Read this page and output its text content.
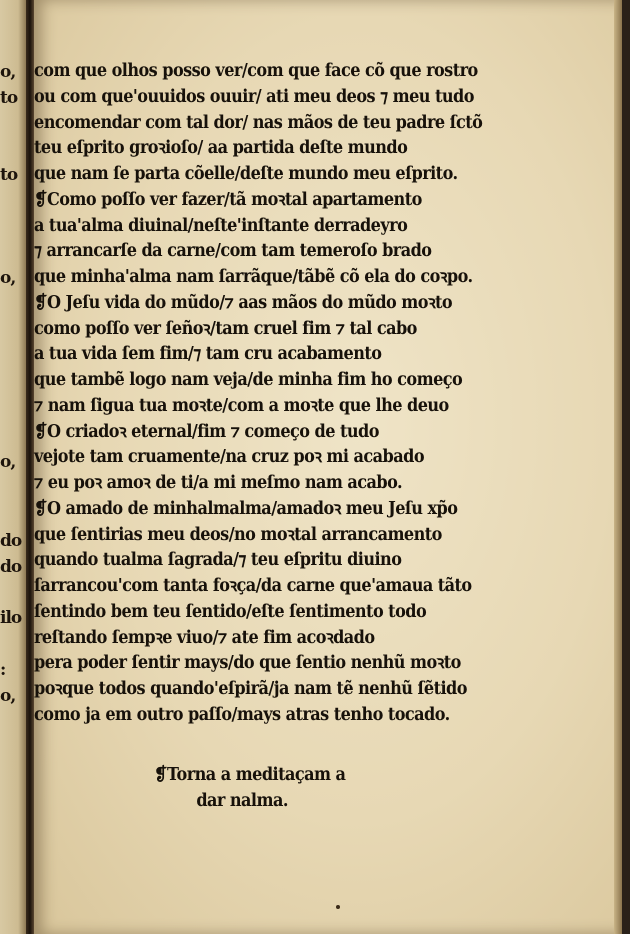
o,
to
to
o,
o,
do
do
ilo
:
o,
com que olhos posso ver/com que face cõ que rostro
ou com que'ouuidos ouuir/ ati meu deos ⁊ meu tudo
encomendar com tal dor/ nas mãos de teu padre ſctõ
teu eſprito groꝛioſo/ aa partida deſte mundo
que nam ſe parta cõelle/deſte mundo meu eſprito.
❡Como poſſo ver fazer/tã moꝛtal apartamento
a tua'alma diuinal/neſte'inſtante derradeyro
⁊ arrancarſe da carne/com tam temeroſo brado
que minha'alma nam ſarrãque/tãbẽ cõ ela do coꝛpo.
❡O Jeſu vida do mũdo/⁊ aas mãos do mũdo moꝛto
como poſſo ver ſeñoꝛ/tam cruel fim ⁊ tal cabo
a tua vida ſem fim/⁊ tam cru acabamento
que tambẽ logo nam veja/de minha fim ho começo
⁊ nam ſigua tua moꝛte/com a moꝛte que lhe deuo
❡O criadoꝛ eternal/fim ⁊ começo de tudo
vejote tam cruamente/na cruz poꝛ mi acabado
⁊ eu poꝛ amoꝛ de ti/a mi meſmo nam acabo.
❡O amado de minhalmalma/amadoꝛ meu Jeſu xp̃o
que ſentirias meu deos/no moꝛtal arrancamento
quando tualma ſagrada/⁊ teu eſpritu diuino
ſarrancou'com tanta foꝛça/da carne que'amaua tãto
ſentindo bem teu ſentido/eſte ſentimento todo
reſtando ſempꝛe viuo/⁊ ate fim acoꝛdado
pera poder ſentir mays/do que ſentio nenhũ moꝛto
poꝛque todos quando'eſpirã/ja nam tẽ nenhũ ſẽtido
como ja em outro paſſo/mays atras tenho tocado.
❡Torna a meditaçam a
dar nalma.
